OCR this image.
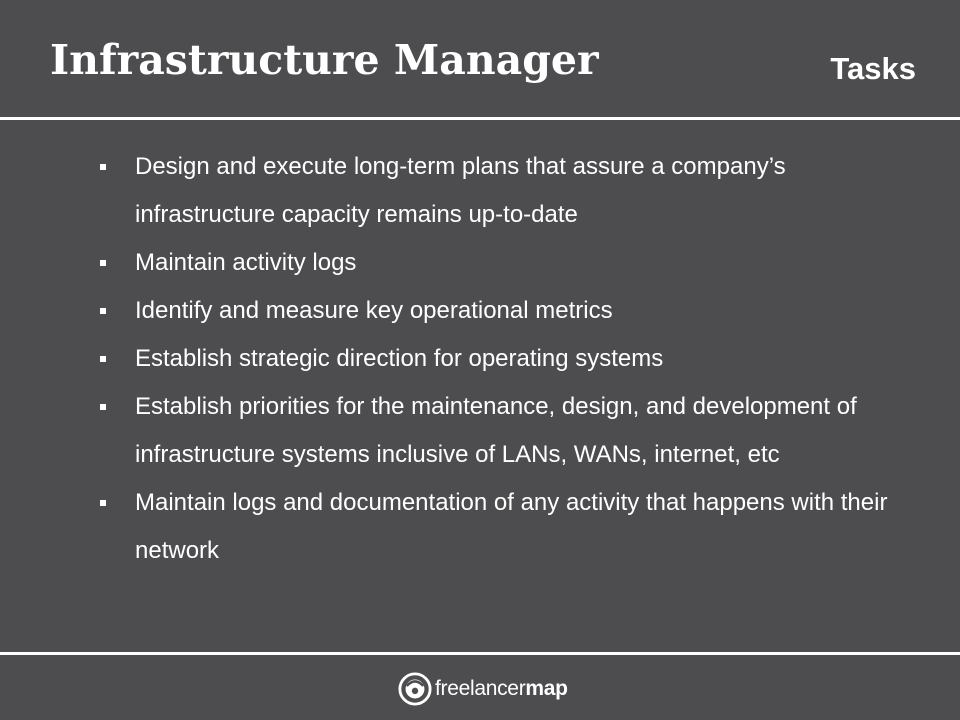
Infrastructure Manager	Tasks
Design and execute long-term plans that assure a company’s infrastructure capacity remains up-to-date
Maintain activity logs
Identify and measure key operational metrics
Establish strategic direction for operating systems
Establish priorities for the maintenance, design, and development of infrastructure systems inclusive of LANs, WANs, internet, etc
Maintain logs and documentation of any activity that happens with their network
freelancermap
